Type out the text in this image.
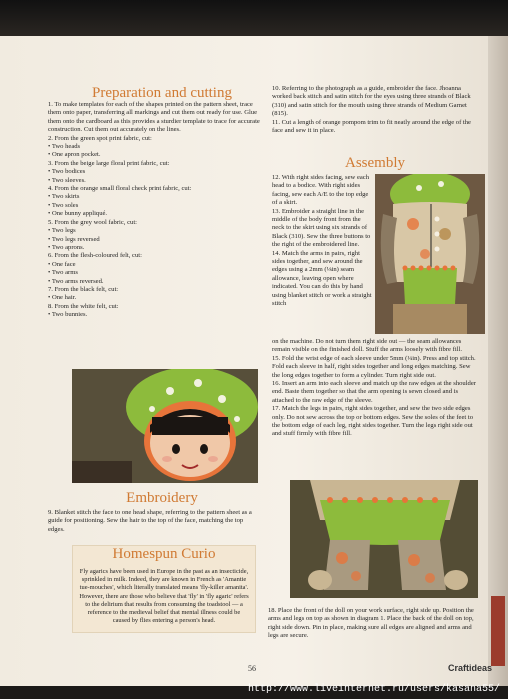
Preparation and cutting

1. To make templates for each of the shapes printed on the pattern sheet, trace them onto paper, transferring all markings and cut them out ready for use. Glue them onto the cardboard as this provides a sturdier template to trace for accurate construction. Cut them out accurately on the lines.

2. From the green spot print fabric, cut:

• Two heads

• One apron pocket.

3. From the beige large floral print fabric, cut:

• Two bodices

• Two sleeves.

4. From the orange small floral check print fabric, cut:

• Two skirts

• Two soles

• One bunny appliqué.

5. From the grey wool fabric, cut:

• Two legs

• Two legs reversed

• Two aprons.

6. From the flesh-coloured felt, cut:

• One face

• Two arms

• Two arms reversed.

7. From the black felt, cut:

• One hair.

8. From the white felt, cut:

• Two bunnies.

Embroidery
9. Blanket stitch the face to one head shape, referring to the pattern sheet as a guide for positioning. Sew the hair to the top of the face, matching the top edges.
Homespun Curio
Fly agarics have been used in Europe in the past as an insecticide, sprinkled in milk. Indeed, they are known in French as 'Amantie tue-mouches', which literally translated means 'fly-killer amanita'. However, there are those who believe that 'fly' in 'fly agaric' refers to the delirium that results from consuming the toadstool — a reference to the medieval belief that mental illness could be caused by flies entering a person's head.

10. Referring to the photograph as a guide, embroider the face. Jhoanna worked back stitch and satin stitch for the eyes using three strands of Black (310) and satin stitch for the mouth using three strands of Medium Garnet (815).

11. Cut a length of orange pompom trim to fit neatly around the edge of the face and sew it in place.

Assembly

12. With right sides facing, sew each head to a bodice. With right sides facing, sew each A/E to the top edge of a skirt.

13. Embroider a straight line in the middle of the body front from the neck to the skirt using six strands of Black (310). Sew the three buttons to the right of the embroidered line.

14. Match the arms in pairs, right sides together, and sew around the edges using a 2mm (⅛in) seam allowance, leaving open where indicated. You can do this by hand using blanket stitch or work a straight stitch

on the machine. Do not turn them right side out — the seam allowances remain visible on the finished doll. Stuff the arms loosely with fibre fill.

15. Fold the wrist edge of each sleeve under 5mm (¼in). Press and top stitch. Fold each sleeve in half, right sides together and long edges matching. Sew the long edges together to form a cylinder. Turn right side out.

16. Insert an arm into each sleeve and match up the raw edges at the shoulder end. Baste them together so that the arm opening is sewn closed and is attached to the raw edge of the sleeve.

17. Match the legs in pairs, right sides together, and sew the two side edges only. Do not sew across the top or bottom edges. Sew the soles of the feet to the bottom edge of each leg, right sides together. Turn the legs right side out and stuff firmly with fibre fill.

18. Place the front of the doll on your work surface, right side up. Position the arms and legs on top as shown in diagram 1. Place the back of the doll on top, right side down. Pin in place, making sure all edges are aligned and arms and legs are secure.
56	Craftideas
http://www.liveinternet.ru/users/kasana55/
